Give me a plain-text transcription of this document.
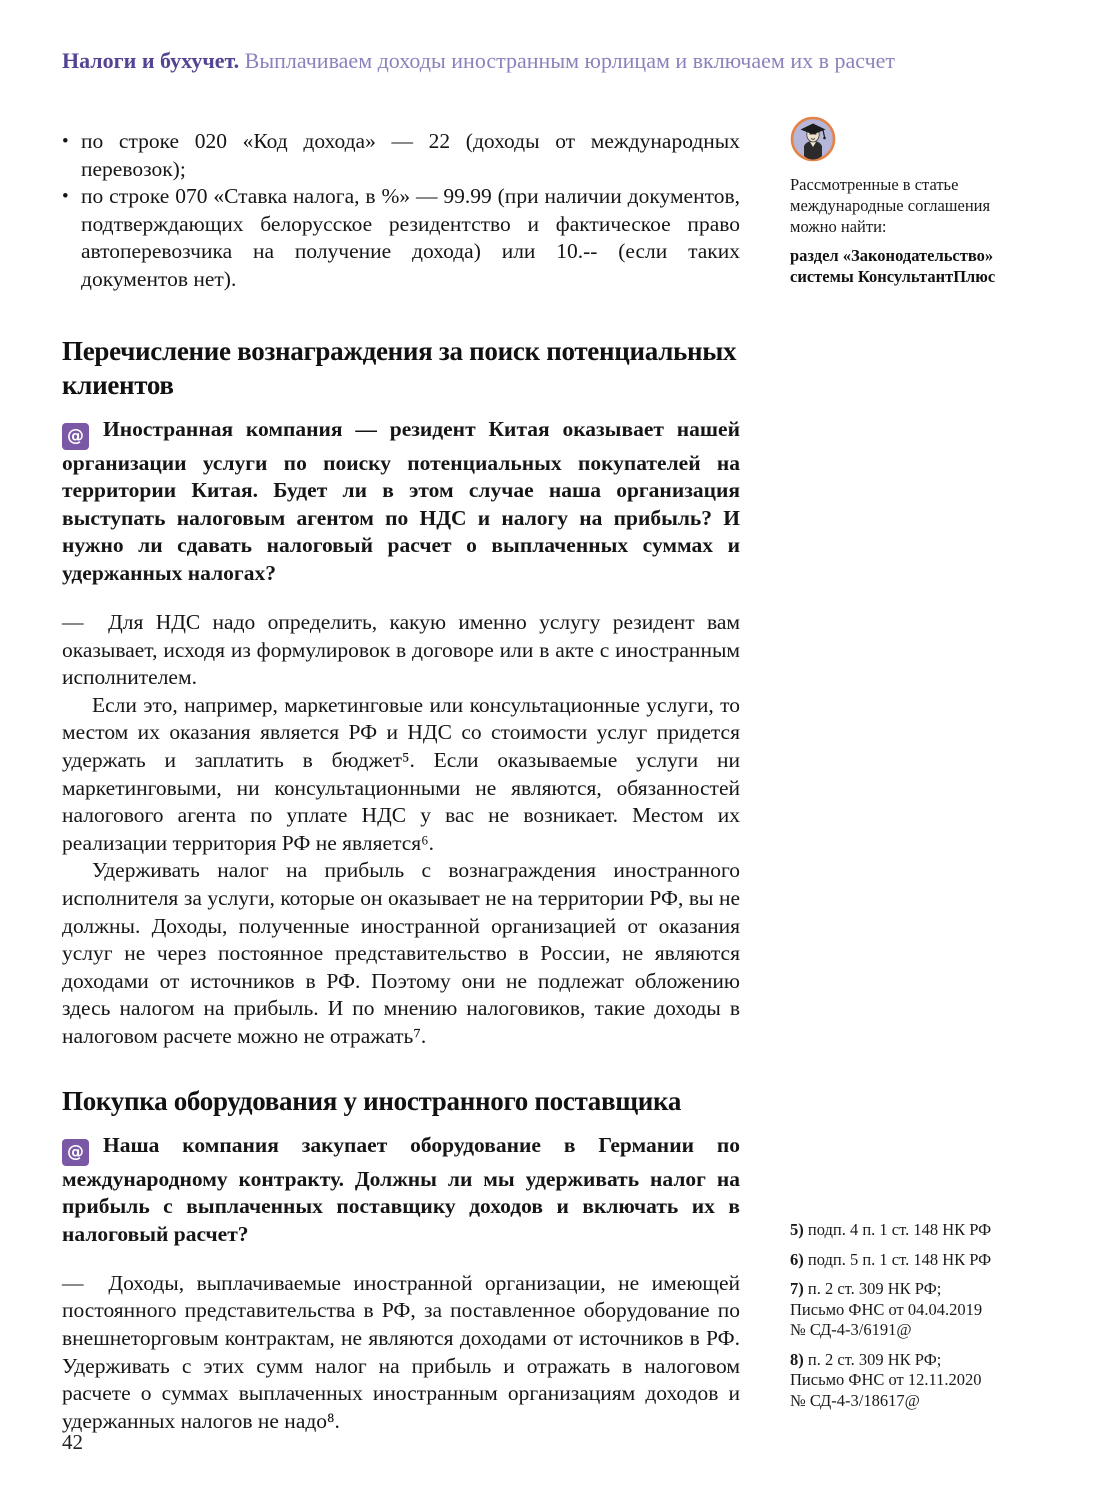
Налоги и бухучет. Выплачиваем доходы иностранным юрлицам и включаем их в расчет
• по строке 020 «Код дохода» — 22 (доходы от международных перевозок);
• по строке 070 «Ставка налога, в %» — 99.99 (при наличии документов, подтверждающих белорусское резидентство и фактическое право автоперевозчика на получение дохода) или 10.-- (если таких документов нет).
Перечисление вознаграждения за поиск потенциальных клиентов

@ Иностранная компания — резидент Китая оказывает нашей организации услуги по поиску потенциальных покупателей на территории Китая. Будет ли в этом случае наша организация выступать налоговым агентом по НДС и налогу на прибыль? И нужно ли сдавать налоговый расчет о выплаченных суммах и удержанных налогах?

—  Для НДС надо определить, какую именно услугу резидент вам оказывает, исходя из формулировок в договоре или в акте с иностранным исполнителем.

Если это, например, маркетинговые или консультационные услуги, то местом их оказания является РФ и НДС со стоимости услуг придется удержать и заплатить в бюджет⁵. Если оказываемые услуги ни маркетинговыми, ни консультационными не являются, обязанностей налогового агента по уплате НДС у вас не возникает. Местом их реализации территория РФ не является⁶.

Удерживать налог на прибыль с вознаграждения иностранного исполнителя за услуги, которые он оказывает не на территории РФ, вы не должны. Доходы, полученные иностранной организацией от оказания услуг не через постоянное представительство в России, не являются доходами от источников в РФ. Поэтому они не подлежат обложению здесь налогом на прибыль. И по мнению налоговиков, такие доходы в налоговом расчете можно не отражать⁷.

Покупка оборудования у иностранного поставщика

@ Наша компания закупает оборудование в Германии по международному контракту. Должны ли мы удерживать налог на прибыль с выплаченных поставщику доходов и включать их в налоговый расчет?

—  Доходы, выплачиваемые иностранной организации, не имеющей постоянного представительства в РФ, за поставленное оборудование по внешнеторговым контрактам, не являются доходами от источников в РФ. Удерживать с этих сумм налог на прибыль и отражать в налоговом расчете о суммах выплаченных иностранным организациям доходов и удержанных налогов не надо⁸.

Рассмотренные в статье международные соглашения можно найти:
раздел «Законодательство» системы КонсультантПлюс
5) подп. 4 п. 1 ст. 148 НК РФ
6) подп. 5 п. 1 ст. 148 НК РФ
7) п. 2 ст. 309 НК РФ;
Письмо ФНС от 04.04.2019
№ СД-4-3/6191@
8) п. 2 ст. 309 НК РФ;
Письмо ФНС от 12.11.2020
№ СД-4-3/18617@
42
